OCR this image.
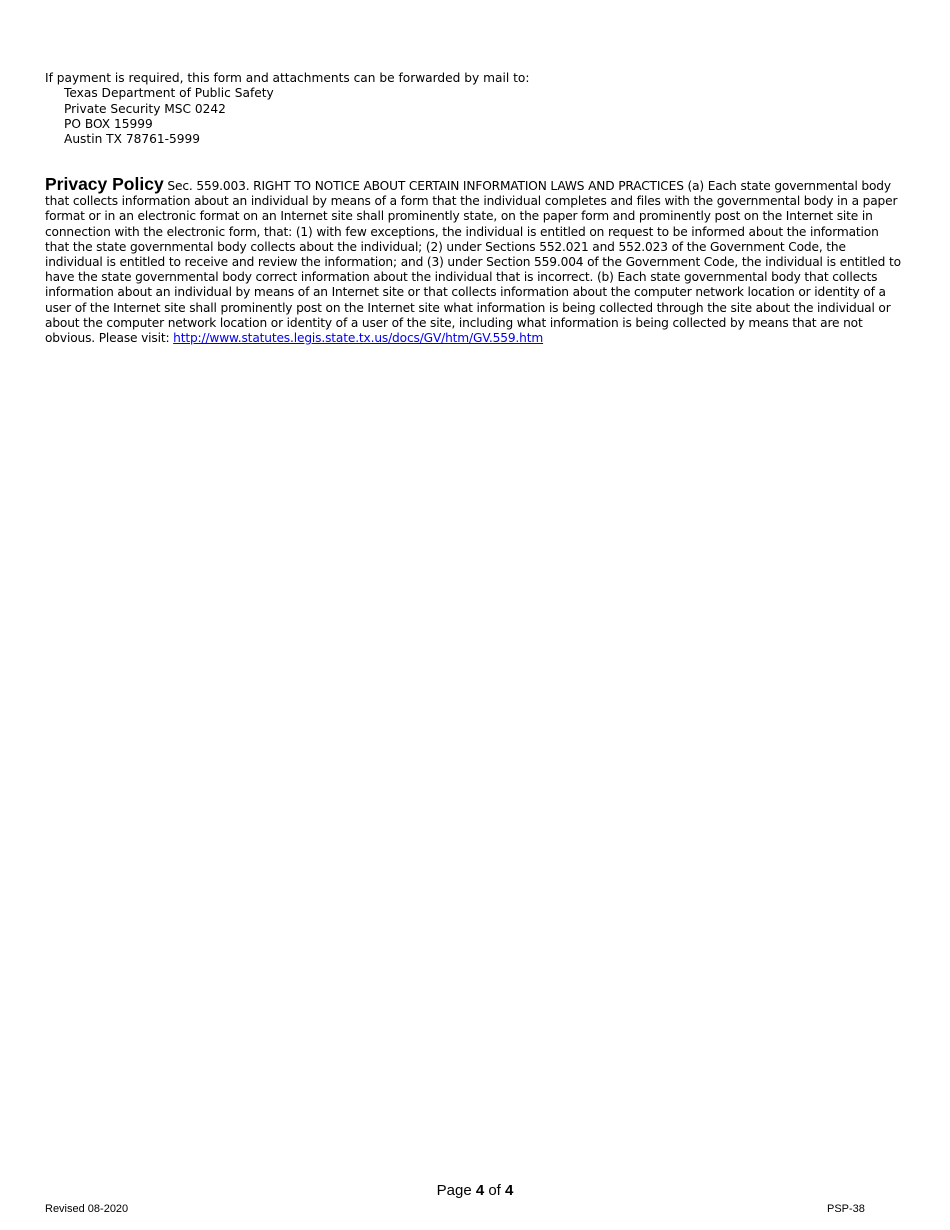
If payment is required, this form and attachments can be forwarded by mail to:
Texas Department of Public Safety
Private Security MSC 0242
PO BOX 15999
Austin TX 78761-5999
Privacy Policy Sec. 559.003. RIGHT TO NOTICE ABOUT CERTAIN INFORMATION LAWS AND PRACTICES (a) Each state governmental body that collects information about an individual by means of a form that the individual completes and files with the governmental body in a paper format or in an electronic format on an Internet site shall prominently state, on the paper form and prominently post on the Internet site in connection with the electronic form, that: (1) with few exceptions, the individual is entitled on request to be informed about the information that the state governmental body collects about the individual; (2) under Sections 552.021 and 552.023 of the Government Code, the individual is entitled to receive and review the information; and (3) under Section 559.004 of the Government Code, the individual is entitled to have the state governmental body correct information about the individual that is incorrect. (b) Each state governmental body that collects information about an individual by means of an Internet site or that collects information about the computer network location or identity of a user of the Internet site shall prominently post on the Internet site what information is being collected through the site about the individual or about the computer network location or identity of a user of the site, including what information is being collected by means that are not obvious. Please visit: http://www.statutes.legis.state.tx.us/docs/GV/htm/GV.559.htm
Page 4 of 4
Revised 08-2020	PSP-38
